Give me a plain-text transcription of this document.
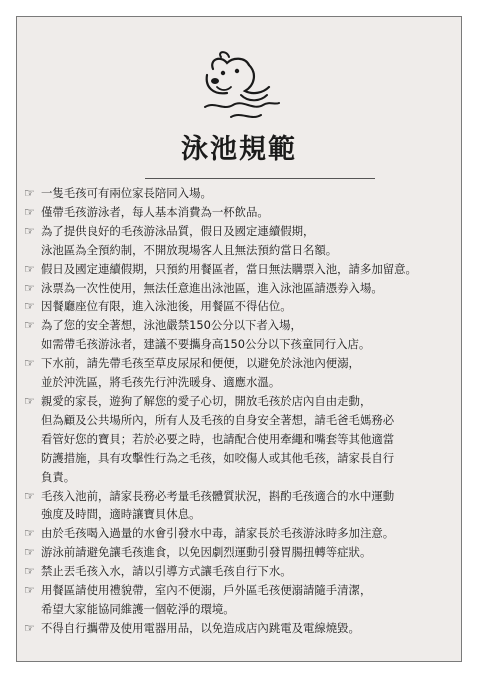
泳池規範
☞ 一隻毛孩可有兩位家長陪同入場。
☞ 僅帶毛孩游泳者，每人基本消費為一杯飲品。
☞ 為了提供良好的毛孩游泳品質，假日及國定連續假期，
泳池區為全預約制，不開放現場客人且無法預約當日名額。
☞ 假日及國定連續假期，只預約用餐區者，當日無法購票入池，請多加留意。
☞ 泳票為一次性使用，無法任意進出泳池區，進入泳池區請憑券入場。
☞ 因餐廳座位有限，進入泳池後，用餐區不得佔位。
☞ 為了您的安全著想，泳池嚴禁150公分以下者入場，
如需帶毛孩游泳者，建議不要攜身高150公分以下孩童同行入店。
☞ 下水前，請先帶毛孩至草皮尿尿和便便，以避免於泳池內便溺，
並於沖洗區，將毛孩先行沖洗暖身、適應水溫。
☞ 親愛的家長，遊狗了解您的愛子心切，開放毛孩於店內自由走動，
但為顧及公共場所內，所有人及毛孩的自身安全著想，請毛爸毛媽務必
看管好您的寶貝；若於必要之時，也請配合使用牽繩和嘴套等其他適當
防護措施，具有攻擊性行為之毛孩，如咬傷人或其他毛孩，請家長自行
負責。
☞ 毛孩入池前，請家長務必考量毛孩體質狀況，斟酌毛孩適合的水中運動
強度及時間，適時讓寶貝休息。
☞ 由於毛孩喝入過量的水會引發水中毒，請家長於毛孩游泳時多加注意。
☞ 游泳前請避免讓毛孩進食，以免因劇烈運動引發胃腸扭轉等症狀。
☞ 禁止丟毛孩入水，請以引導方式讓毛孩自行下水。
☞ 用餐區請使用禮貌帶，室內不便溺，戶外區毛孩便溺請隨手清潔，
希望大家能協同維護一個乾淨的環境。
☞ 不得自行攜帶及使用電器用品，以免造成店內跳電及電線燒毀。
